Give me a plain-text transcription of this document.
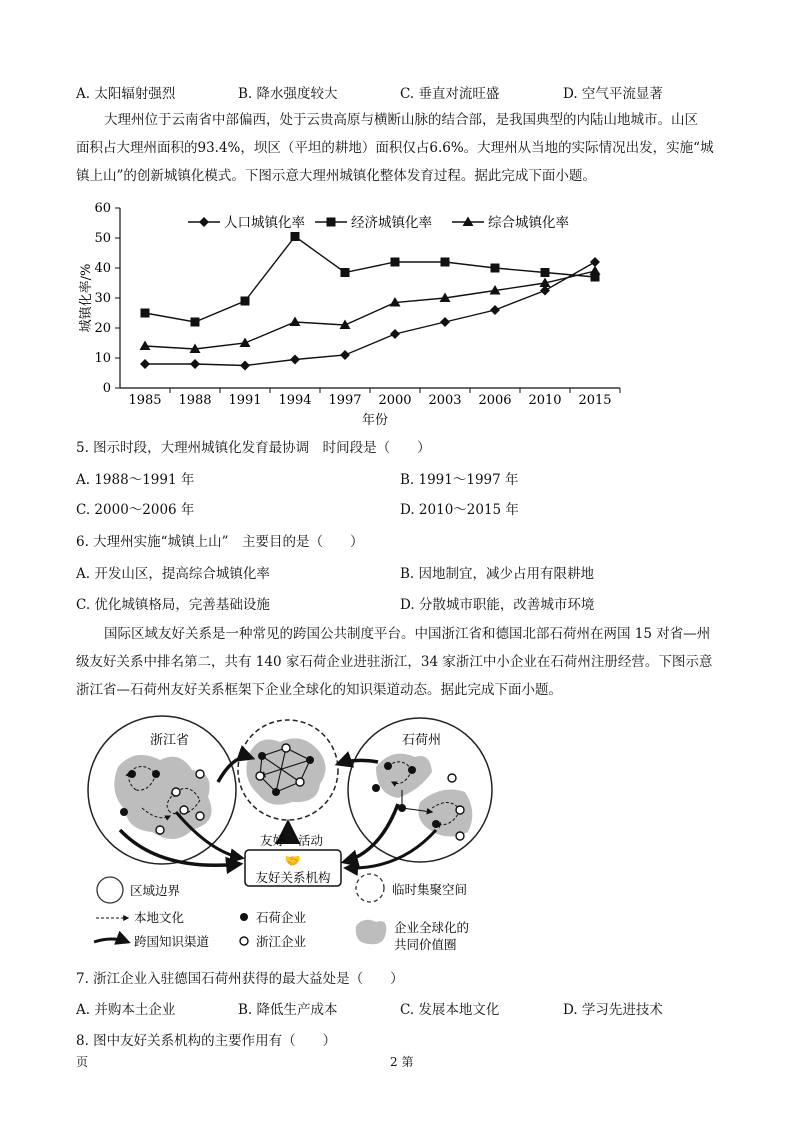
A. 太阳辐射强烈	B. 降水强度较大	C. 垂直对流旺盛	D. 空气平流显著
大理州位于云南省中部偏西，处于云贵高原与横断山脉的结合部，是我国典型的内陆山地城市。山区
面积占大理州面积的93.4%，坝区（平坦的耕地）面积仅占6.6%。大理州从当地的实际情况出发，实施“城
镇上山”的创新城镇化模式。下图示意大理州城镇化整体发育过程。据此完成下面小题。
0
10
20
30
40
50
60
1985 1988 1991 1994 1997 2000 2003 2006 2010 2015
人口城镇化率	经济城镇化率	综合城镇化率
城镇化率/%
年份
5. 图示时段，大理州城镇化发育最协调　时间段是（　　）
A. 1988～1991 年	B. 1991～1997 年
C. 2000～2006 年	D. 2010～2015 年
6. 大理州实施“城镇上山”　主要目的是（　　）
A. 开发山区，提高综合城镇化率	B. 因地制宜，减少占用有限耕地
C. 优化城镇格局，完善基础设施	D. 分散城市职能，改善城市环境
国际区域友好关系是一种常见的跨国公共制度平台。中国浙江省和德国北部石荷州在两国 15 对省—州
级友好关系中排名第二，共有 140 家石荷企业进驻浙江，34 家浙江中小企业在石荷州注册经营。下图示意
浙江省—石荷州友好关系框架下企业全球化的知识渠道动态。据此完成下面小题。
浙江省	石荷州
友好 活动
🤝
友好关系机构
区域边界
本地文化
跨国知识渠道
石荷企业
浙江企业
临时集聚空间
企业全球化的
共同价值圈
7. 浙江企业入驻德国石荷州获得的最大益处是（　　）
A. 并购本土企业	B. 降低生产成本	C. 发展本地文化	D. 学习先进技术
8. 图中友好关系机构的主要作用有（　　）
页	2 第
